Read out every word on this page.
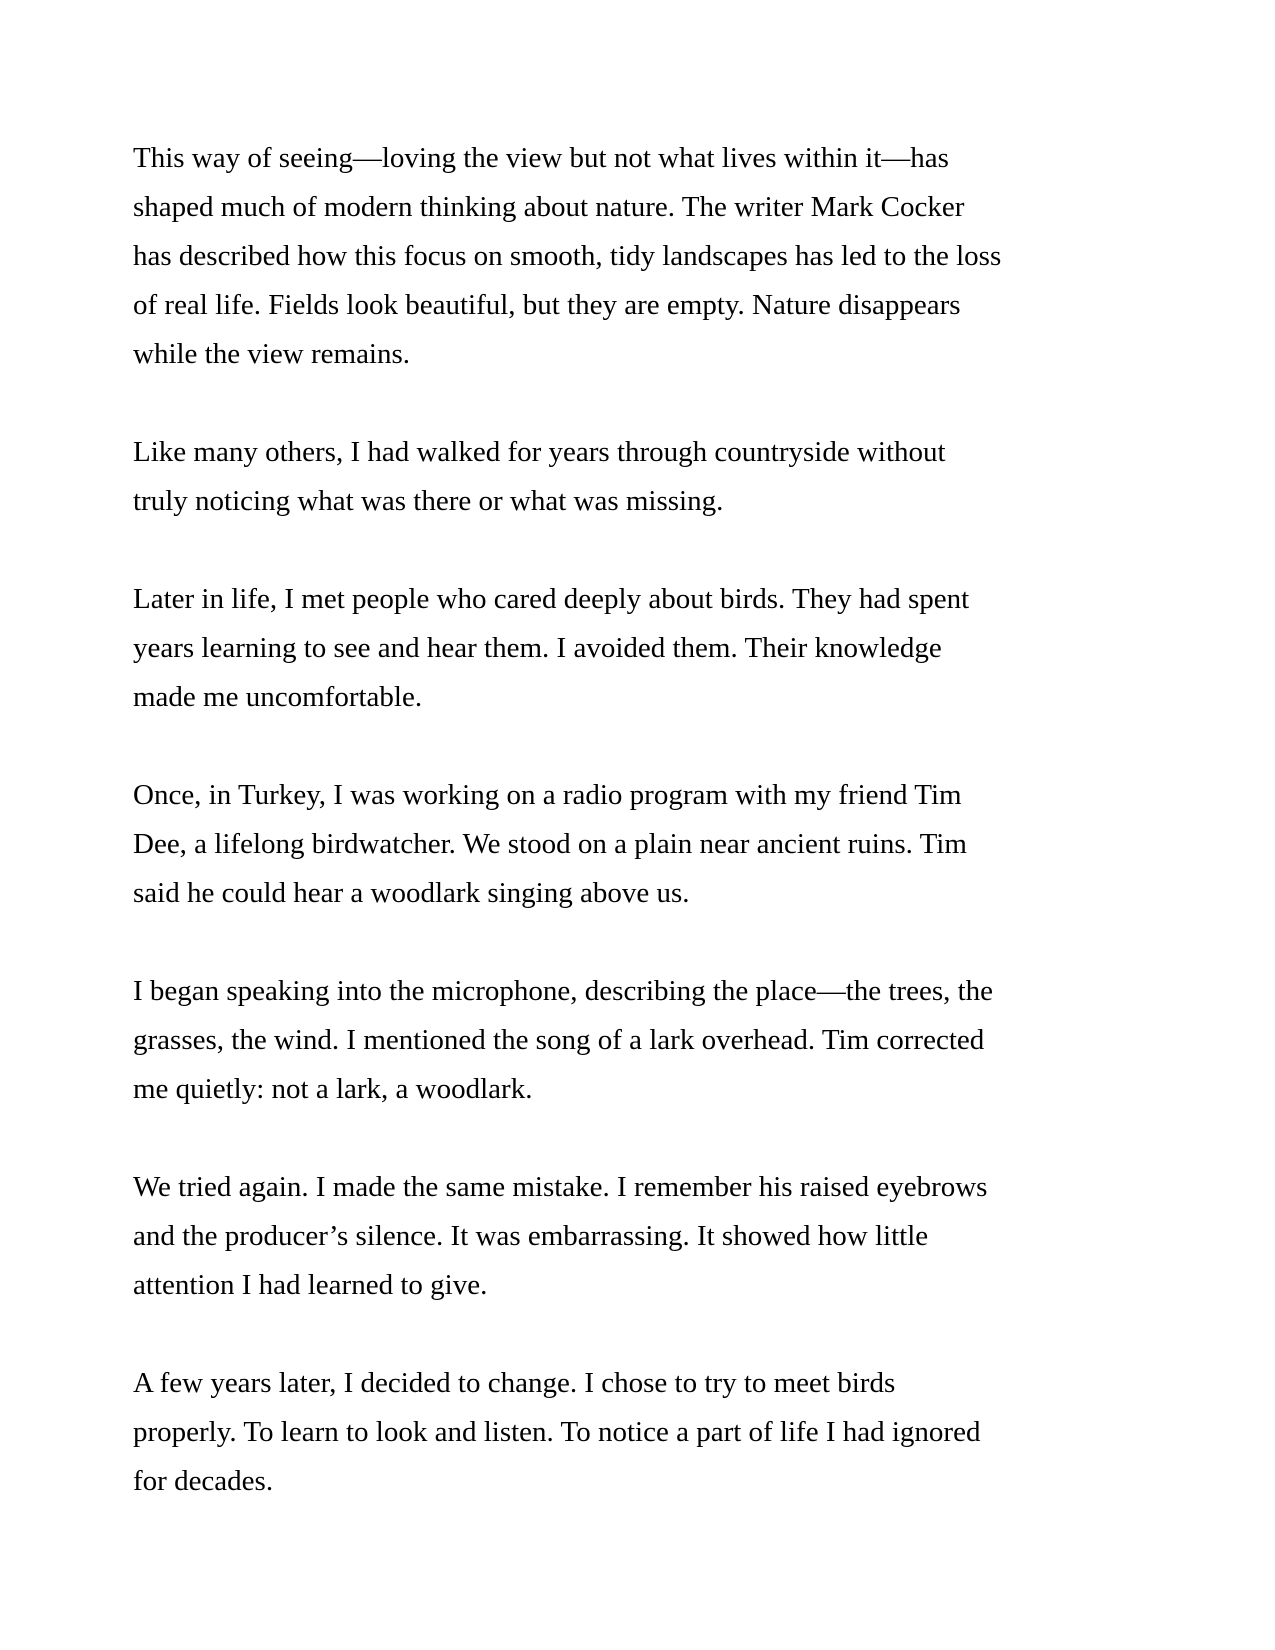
This way of seeing—loving the view but not what lives within it—has
shaped much of modern thinking about nature. The writer Mark Cocker
has described how this focus on smooth, tidy landscapes has led to the loss
of real life. Fields look beautiful, but they are empty. Nature disappears
while the view remains.

Like many others, I had walked for years through countryside without
truly noticing what was there or what was missing.

Later in life, I met people who cared deeply about birds. They had spent
years learning to see and hear them. I avoided them. Their knowledge
made me uncomfortable.

Once, in Turkey, I was working on a radio program with my friend Tim
Dee, a lifelong birdwatcher. We stood on a plain near ancient ruins. Tim
said he could hear a woodlark singing above us.

I began speaking into the microphone, describing the place—the trees, the
grasses, the wind. I mentioned the song of a lark overhead. Tim corrected
me quietly: not a lark, a woodlark.

We tried again. I made the same mistake. I remember his raised eyebrows
and the producer’s silence. It was embarrassing. It showed how little
attention I had learned to give.

A few years later, I decided to change. I chose to try to meet birds
properly. To learn to look and listen. To notice a part of life I had ignored
for decades.
